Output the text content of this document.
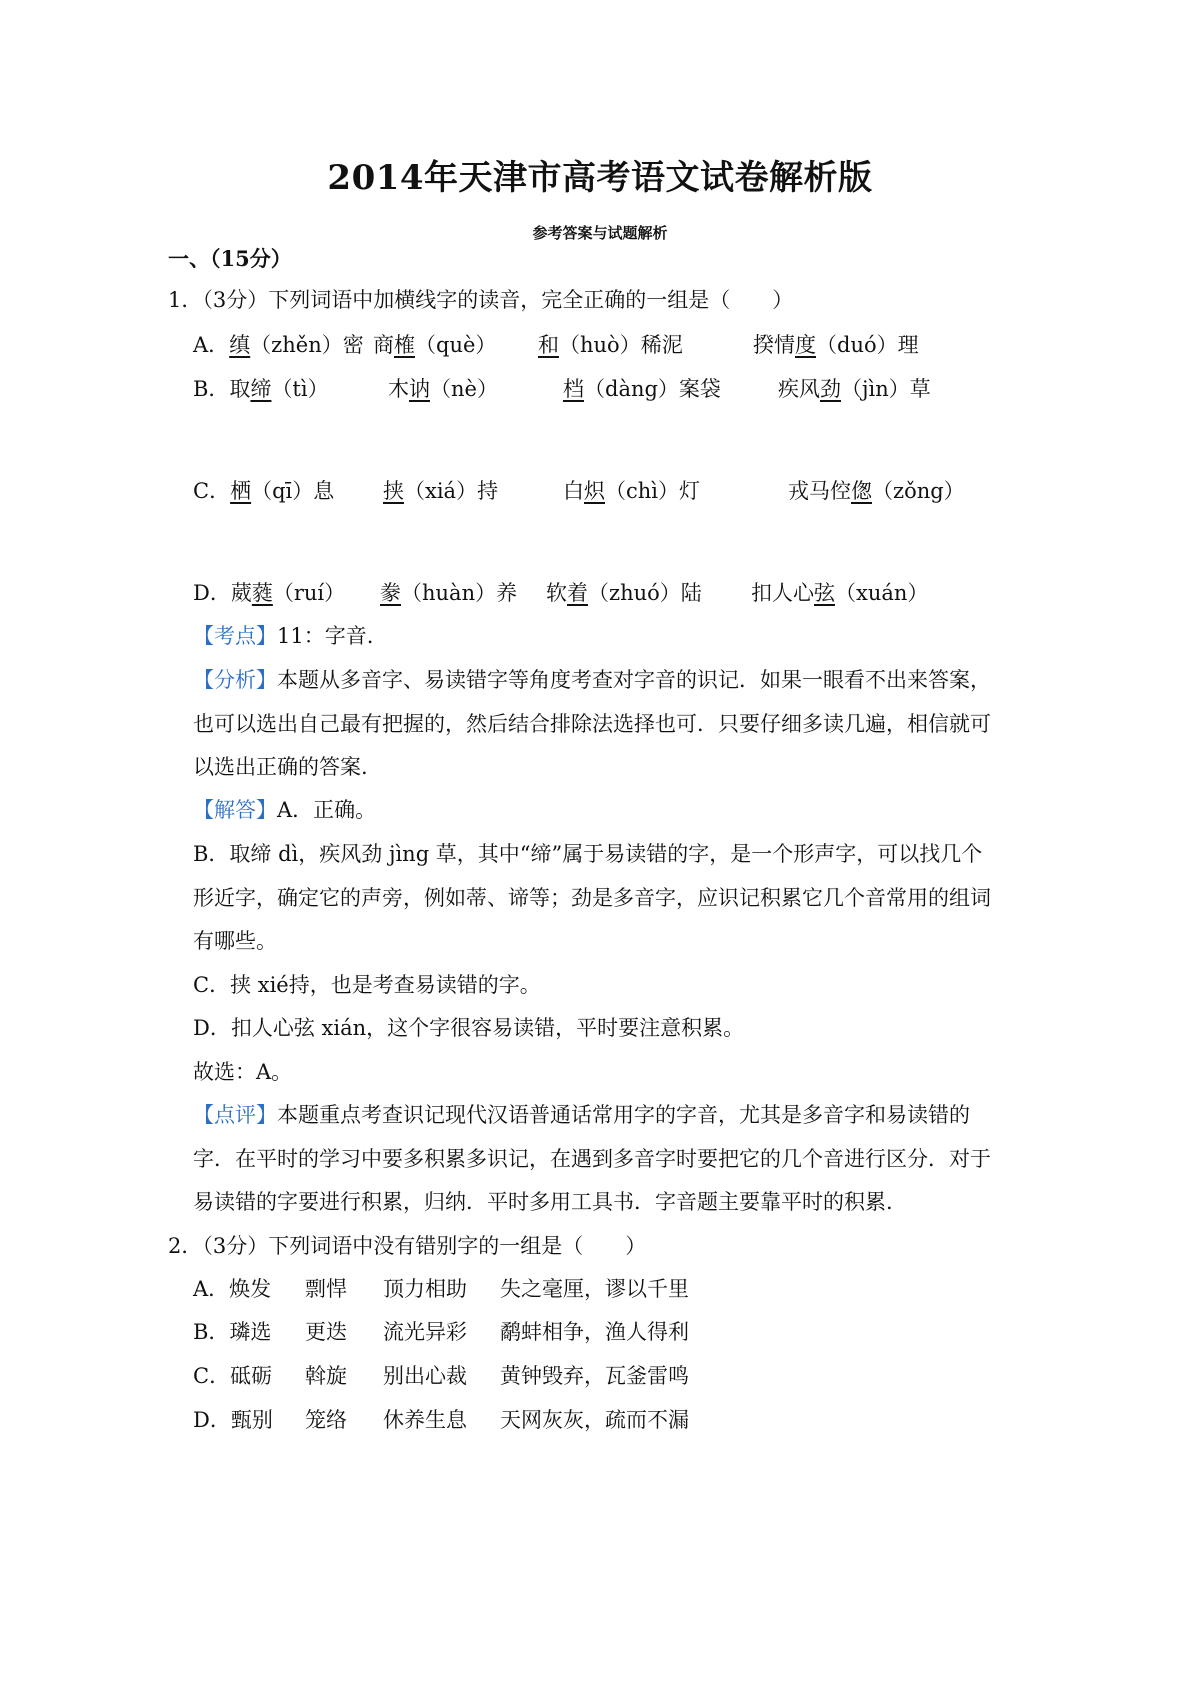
2014年天津市高考语文试卷解析版
参考答案与试题解析
一、（15分）
1．（3分）下列词语中加横线字的读音，完全正确的一组是（　　）
A．缜（zhěn）密 商榷（què） 和（huò）稀泥	揆情度（duó）理
B．取缔（tì）	木讷（nè）	档（dàng）案袋	疾风劲（jìn）草
C．栖（qī）息 挟（xiá）持	白炽（chì）灯	戎马倥偬（zǒng）
D．葳蕤（ruí） 豢（huàn）养 软着（zhuó）陆 扣人心弦（xuán）
【考点】11：字音.
【分析】本题从多音字、易读错字等角度考查对字音的识记．如果一眼看不出来答案，
也可以选出自己最有把握的，然后结合排除法选择也可．只要仔细多读几遍，相信就可
以选出正确的答案.
【解答】A．正确。
B．取缔 dì，疾风劲 jìng 草，其中“缔”属于易读错的字，是一个形声字，可以找几个
形近字，确定它的声旁，例如蒂、谛等；劲是多音字，应识记积累它几个音常用的组词
有哪些。
C．挟 xié持，也是考查易读错的字。
D．扣人心弦 xián，这个字很容易读错，平时要注意积累。
故选：A。
【点评】本题重点考查识记现代汉语普通话常用字的字音，尤其是多音字和易读错的
字．在平时的学习中要多积累多识记，在遇到多音字时要把它的几个音进行区分．对于
易读错的字要进行积累，归纳．平时多用工具书．字音题主要靠平时的积累.
2．（3分）下列词语中没有错别字的一组是（　　）
A．焕发 剽悍 顶力相助 失之毫厘，谬以千里
B．璘选 更迭 流光异彩 鹬蚌相争，渔人得利
C．砥砺 斡旋 别出心裁 黄钟毁弃，瓦釜雷鸣
D．甄别 笼络 休养生息 天网灰灰，疏而不漏
